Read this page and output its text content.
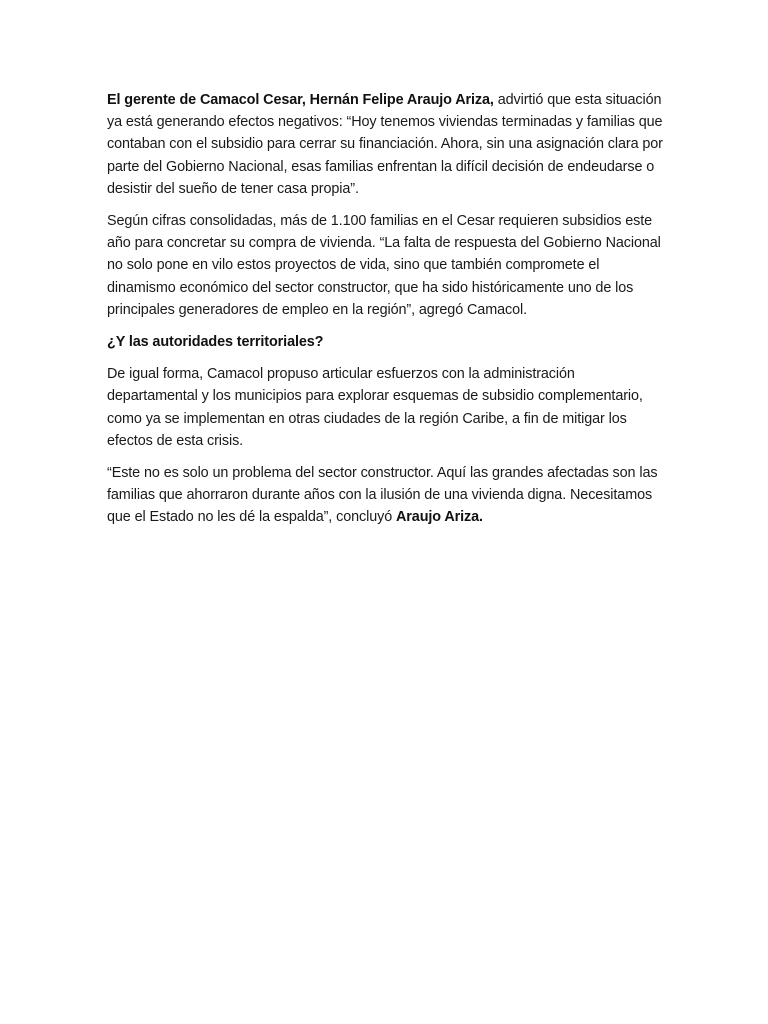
El gerente de Camacol Cesar, Hernán Felipe Araujo Ariza, advirtió que esta situación ya está generando efectos negativos: “Hoy tenemos viviendas terminadas y familias que contaban con el subsidio para cerrar su financiación. Ahora, sin una asignación clara por parte del Gobierno Nacional, esas familias enfrentan la difícil decisión de endeudarse o desistir del sueño de tener casa propia”.

Según cifras consolidadas, más de 1.100 familias en el Cesar requieren subsidios este año para concretar su compra de vivienda. “La falta de respuesta del Gobierno Nacional no solo pone en vilo estos proyectos de vida, sino que también compromete el dinamismo económico del sector constructor, que ha sido históricamente uno de los principales generadores de empleo en la región”, agregó Camacol.

¿Y las autoridades territoriales?

De igual forma, Camacol propuso articular esfuerzos con la administración departamental y los municipios para explorar esquemas de subsidio complementario, como ya se implementan en otras ciudades de la región Caribe, a fin de mitigar los efectos de esta crisis.

“Este no es solo un problema del sector constructor. Aquí las grandes afectadas son las familias que ahorraron durante años con la ilusión de una vivienda digna. Necesitamos que el Estado no les dé la espalda”, concluyó Araujo Ariza.
